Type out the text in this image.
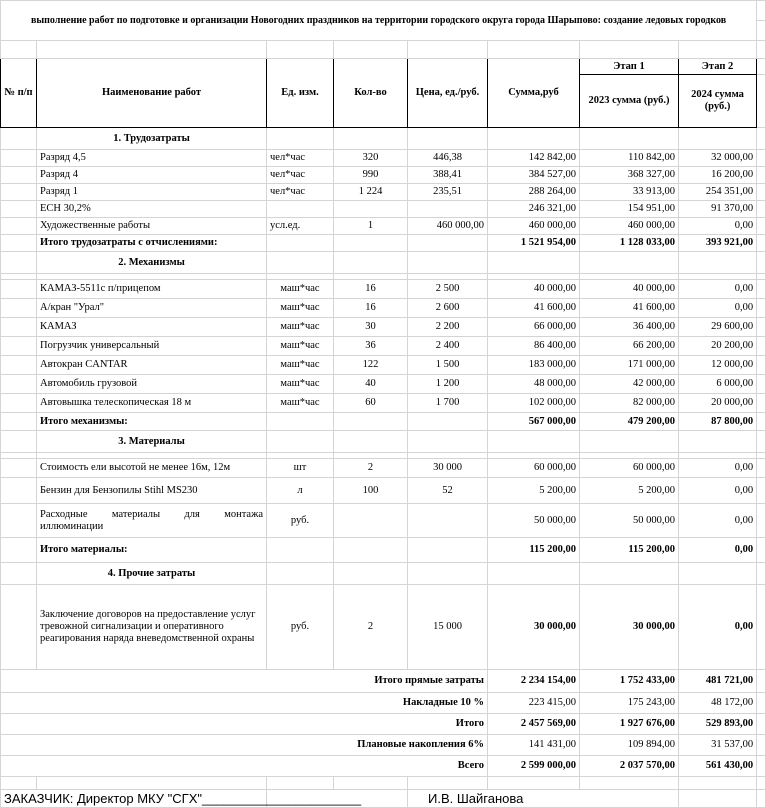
выполнение работ по подготовке и организации Новогодних праздников на территории городского округа города Шарыпово: создание ледовых городков								

№ п/п	Наименование работ	Ед. изм.	Кол-во	Цена, ед./руб.	Сумма,руб	Этап 1	Этап 2	
						2023 сумма (руб.)	2024 сумма (руб.)	
	1. Трудозатраты							
	Разряд 4,5	чел*час	320	446,38	142 842,00	110 842,00	32 000,00	
	Разряд 4	чел*час	990	388,41	384 527,00	368 327,00	16 200,00	
	Разряд 1	чел*час	1 224	235,51	288 264,00	33 913,00	254 351,00	
	ЕСН 30,2%				246 321,00	154 951,00	91 370,00	
	Художественные работы	усл.ед.	1	460 000,00	460 000,00	460 000,00	0,00	
	Итого трудозатраты с отчислениями:				1 521 954,00	1 128 033,00	393 921,00	
	2. Механизмы							

	КАМАЗ-5511с п/прицепом	маш*час	16	2 500	40 000,00	40 000,00	0,00	
	А/кран "Урал"	маш*час	16	2 600	41 600,00	41 600,00	0,00	
	КАМАЗ	маш*час	30	2 200	66 000,00	36 400,00	29 600,00	
	Погрузчик универсальный	маш*час	36	2 400	86 400,00	66 200,00	20 200,00	
	Автокран CANTAR	маш*час	122	1 500	183 000,00	171 000,00	12 000,00	
	Автомобиль грузовой	маш*час	40	1 200	48 000,00	42 000,00	6 000,00	
	Автовышка телескопическая 18 м	маш*час	60	1 700	102 000,00	82 000,00	20 000,00	
	Итого механизмы:				567 000,00	479 200,00	87 800,00	
	3. Материалы							

	Стоимость ели высотой не менее 16м, 12м	шт	2	30 000	60 000,00	60 000,00	0,00	
	Бензин для Бензопилы Stihl MS230	л	100	52	5 200,00	5 200,00	0,00	
	Расходные материалы для монтажа иллюминации	руб.			50 000,00	50 000,00	0,00	
	Итого материалы:				115 200,00	115 200,00	0,00	
	4. Прочие затраты							
	Заключение договоров на предоставление услуг тревожной сигнализации и оперативного реагирования наряда вневедомственной охраны	руб.	2	15 000	30 000,00	30 000,00	0,00	
Итого прямые затраты					2 234 154,00	1 752 433,00	481 721,00	
Накладные 10 %					223 415,00	175 243,00	48 172,00	
Итого					2 457 569,00	1 927 676,00	529 893,00	
Плановые накопления 6%					141 431,00	109 894,00	31 537,00	
Всего					2 599 000,00	2 037 570,00	561 430,00	

ЗАКАЗЧИК: Директор МКУ "СГХ"______________________				И.В. Шайганова				
